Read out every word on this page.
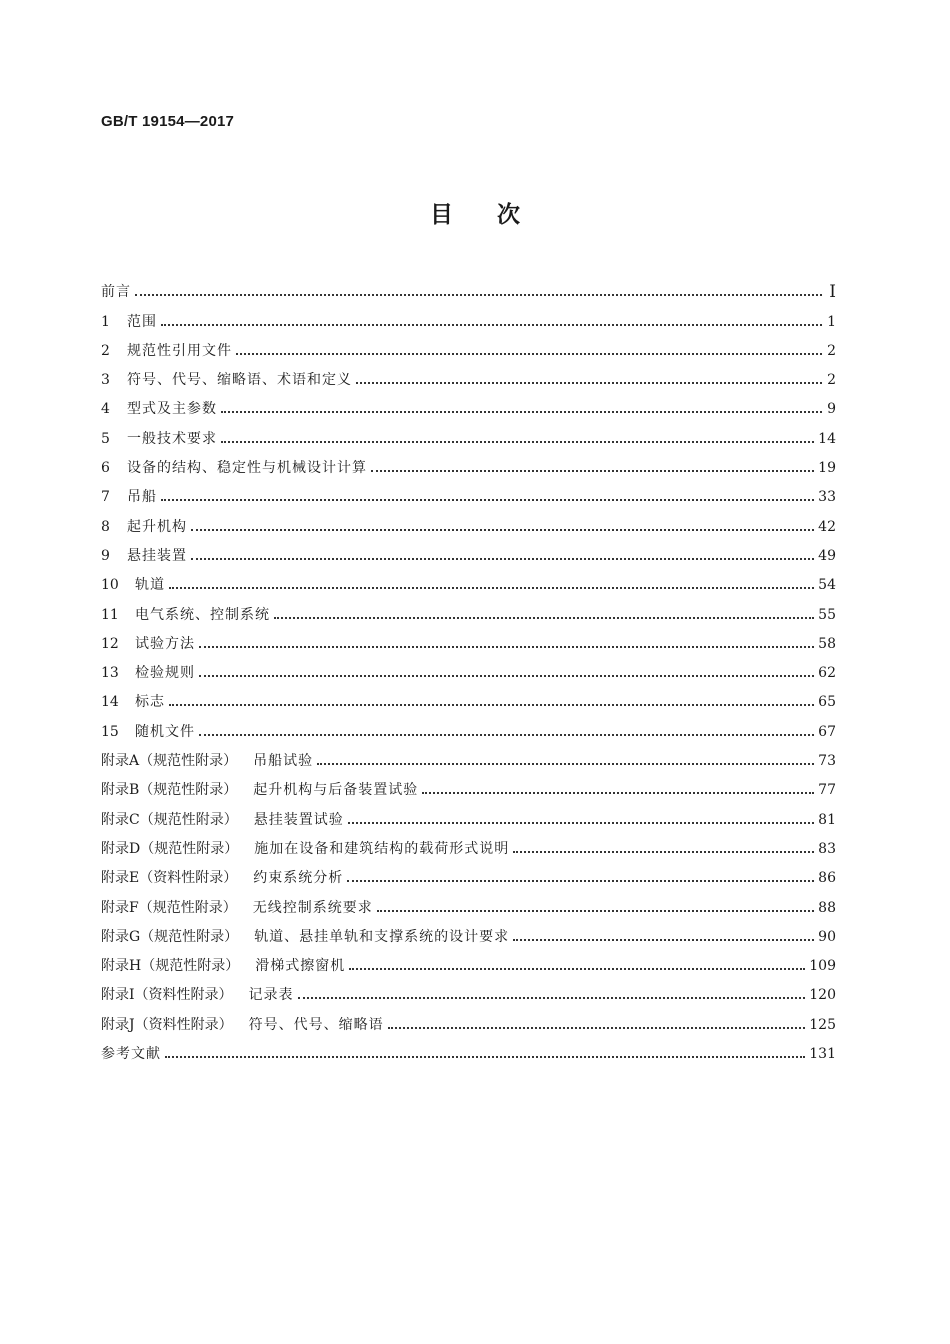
GB/T 19154—2017
目次
前言	Ⅰ
1	范围	1
2	规范性引用文件	2
3	符号、代号、缩略语、术语和定义	2
4	型式及主参数	9
5	一般技术要求	14
6	设备的结构、稳定性与机械设计计算	19
7	吊船	33
8	起升机构	42
9	悬挂装置	49
10	轨道	54
11	电气系统、控制系统	55
12	试验方法	58
13	检验规则	62
14	标志	65
15	随机文件	67
附录A（规范性附录） 吊船试验	73
附录B（规范性附录） 起升机构与后备装置试验	77
附录C（规范性附录） 悬挂装置试验	81
附录D（规范性附录） 施加在设备和建筑结构的载荷形式说明	83
附录E（资料性附录） 约束系统分析	86
附录F（规范性附录） 无线控制系统要求	88
附录G（规范性附录） 轨道、悬挂单轨和支撑系统的设计要求	90
附录H（规范性附录） 滑梯式擦窗机	109
附录I（资料性附录） 记录表	120
附录J（资料性附录） 符号、代号、缩略语	125
参考文献	131
